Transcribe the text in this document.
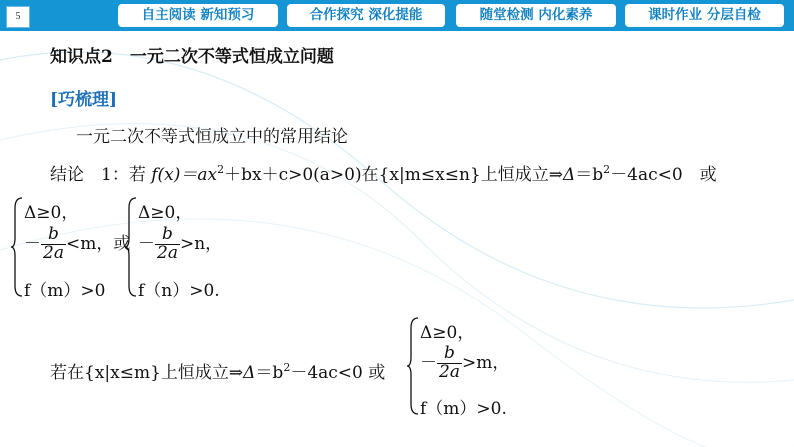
5	自主阅读 新知预习	合作探究 深化提能	随堂检测 内化素养	课时作业 分层自检
知识点2　一元二次不等式恒成立问题
[巧梳理]
一元二次不等式恒成立中的常用结论
结论　1：若 $f(x)=ax^2+bx+c>0(a>0)$在{x|m≤x≤n}上恒成立$\Rightarrow\Delta=b^2-4ac<0$　或
Δ≥0，
－ $\frac{b}{2a} <m$，或
f（m）>0
Δ≥0，
－ $\frac{b}{2a} >n$，
f（n）>0.
若在{x|x≤m}上恒成立$\Rightarrow\Delta=b^2-4ac<0$ 或
Δ≥0，
－ $\frac{b}{2a} >m$，
f（m）>0.
